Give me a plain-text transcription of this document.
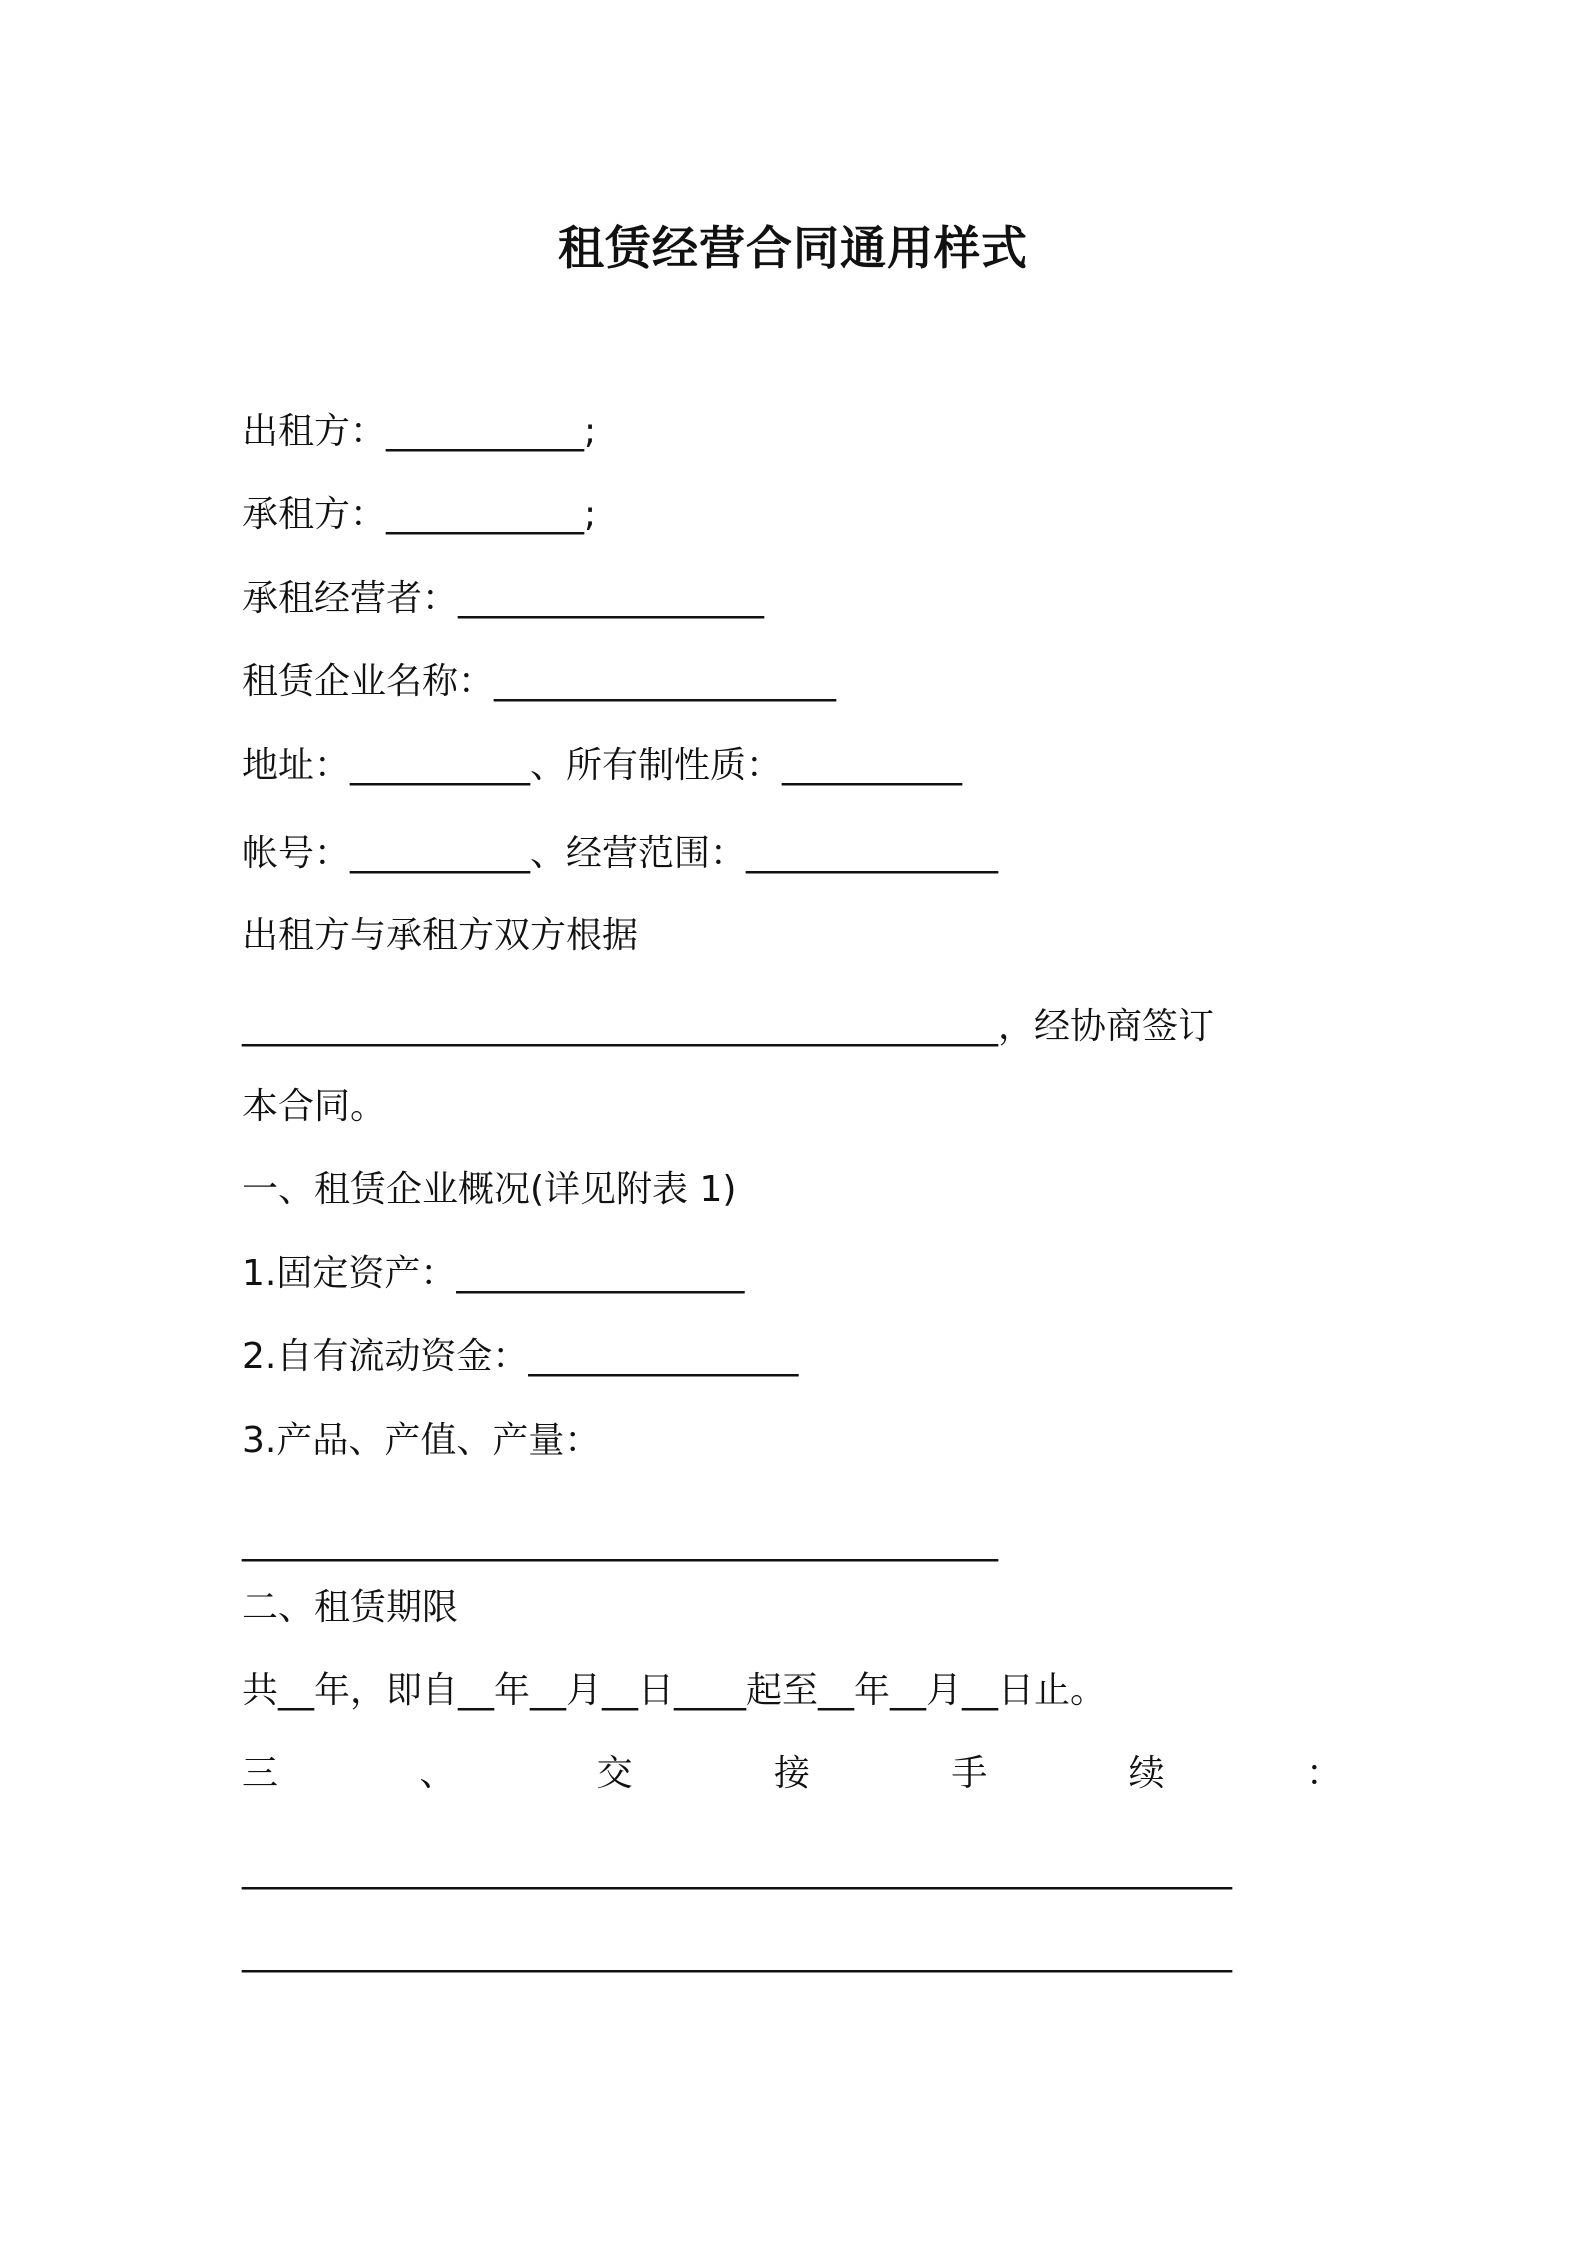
租赁经营合同通用样式
出租方：___________;
承租方：___________;
承租经营者：_________________
租赁企业名称：___________________
地址：__________、所有制性质：__________
帐号：__________、经营范围：______________
出租方与承租方双方根据
__________________________________________，经协商签订
本合同。
一、租赁企业概况(详见附表 1)
1.固定资产：________________
2.自有流动资金：_______________
3.产品、产值、产量：
__________________________________________
二、租赁期限
共__年，即自__年__月__日____起至__年__月__日止。
三	、	交	接	手	续	：
_______________________________________________________
_______________________________________________________
